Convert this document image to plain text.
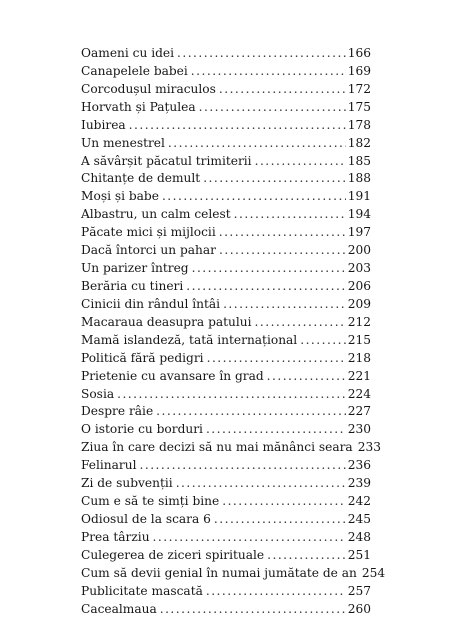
Oameni cu idei . . .	166
Canapelele babei . . .	169
Corcodușul miraculos . . .	172
Horvath și Pațulea . . .	175
Iubirea . . .	178
Un menestrel . . .	182
A săvârșit păcatul trimiterii . . .	185
Chitanțe de demult . . .	188
Moși și babe . . .	191
Albastru, un calm celest . . .	194
Păcate mici și mijlocii . . .	197
Dacă întorci un pahar . . .	200
Un parizer întreg . . .	203
Berăria cu tineri . . .	206
Cinicii din rândul întâi . . .	209
Macaraua deasupra patului . . .	212
Mamă islandeză, tată internațional . . .	215
Politică fără pedigri . . .	218
Prietenie cu avansare în grad . . .	221
Sosia . . .	224
Despre râie . . .	227
O istorie cu borduri . . .	230
Ziua în care decizi să nu mai mănânci seara 233
Felinarul . . .	236
Zi de subvenții . . .	239
Cum e să te simți bine . . .	242
Odiosul de la scara 6 . . .	245
Prea târziu . . .	248
Culegerea de ziceri spirituale . . .	251
Cum să devii genial în numai jumătate de an 254
Publicitate mascată . . .	257
Cacealmaua . . .	260
